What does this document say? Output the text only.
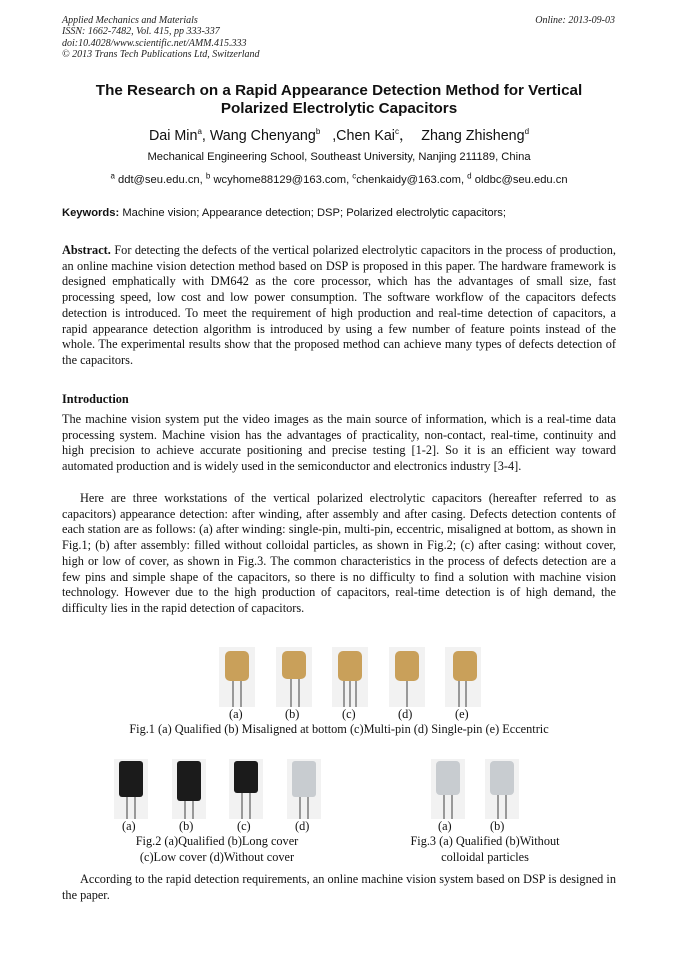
Applied Mechanics and Materials
ISSN: 1662-7482, Vol. 415, pp 333-337
doi:10.4028/www.scientific.net/AMM.415.333
© 2013 Trans Tech Publications Ltd, Switzerland
Online: 2013-09-03
The Research on a Rapid Appearance Detection Method for Vertical
Polarized Electrolytic Capacitors
Dai Min$^a$, Wang Chenyang$^b$   ,Chen Kai$^c$，  Zhang Zhisheng$^d$
Mechanical Engineering School, Southeast University, Nanjing 211189, China
$^a$ ddt@seu.edu.cn, $^b$ wcyhome88129@163.com, $^c$chenkaidy@163.com, $^d$ oldbc@seu.edu.cn
Keywords: Machine vision; Appearance detection; DSP; Polarized electrolytic capacitors;
Abstract. For detecting the defects of the vertical polarized electrolytic capacitors in the process of production, an online machine vision detection method based on DSP is proposed in this paper. The hardware framework is designed emphatically with DM642 as the core processor, which has the advantages of small size, fast processing speed, low cost and low power consumption. The software workflow of the capacitors defects detection is introduced. To meet the requirement of high production and real-time detection of capacitors, a rapid appearance detection algorithm is introduced by using a few number of feature points instead of the whole. The experimental results show that the proposed method can achieve many types of defects detection of the capacitors.
Introduction
The machine vision system put the video images as the main source of information, which is a real-time data processing system. Machine vision has the advantages of practicality, non-contact, real-time, continuity and high precision to achieve accurate positioning and precise testing [1-2]. So it is an efficient way toward automated production and is widely used in the semiconductor and electronics industry [3-4].
Here are three workstations of the vertical polarized electrolytic capacitors (hereafter referred to as capacitors) appearance detection: after winding, after assembly and after casing. Defects detection contents of each station are as follows: (a) after winding: single-pin, multi-pin, eccentric, misaligned at bottom, as shown in Fig.1; (b) after assembly: filled without colloidal particles, as shown in Fig.2; (c) after casing: without cover, high or low of cover, as shown in Fig.3. The common characteristics in the process of defects detection are a few pins and simple shape of the capacitors, so there is no difficulty to find a solution with machine vision technology. However due to the high production of capacitors, real-time detection is of high demand, the difficulty lies in the rapid detection of capacitors.
(a)	(b)	(c)	(d)	(e)
Fig.1 (a) Qualified (b) Misaligned at bottom (c)Multi-pin (d) Single-pin (e) Eccentric
(a)	(b)	(c)	(d)
Fig.2 (a)Qualified (b)Long cover
(c)Low cover (d)Without cover
(a)	(b)
Fig.3 (a) Qualified (b)Without
colloidal particles
According to the rapid detection requirements, an online machine vision system based on DSP is designed in the paper.
